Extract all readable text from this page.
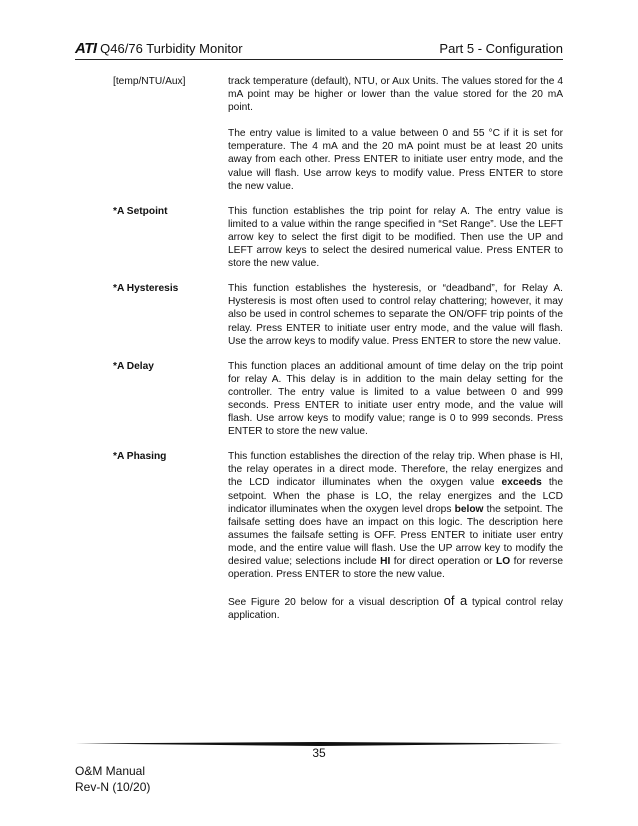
ATI Q46/76 Turbidity Monitor	Part 5 - Configuration
[temp/NTU/Aux]	track temperature (default), NTU, or Aux Units. The values stored for the 4 mA point may be higher or lower than the value stored for the 20 mA point.

The entry value is limited to a value between 0 and 55 °C if it is set for temperature. The 4 mA and the 20 mA point must be at least 20 units away from each other. Press ENTER to initiate user entry mode, and the value will flash. Use arrow keys to modify value. Press ENTER to store the new value.

*A Setpoint	This function establishes the trip point for relay A. The entry value is limited to a value within the range specified in “Set Range”. Use the LEFT arrow key to select the first digit to be modified. Then use the UP and LEFT arrow keys to select the desired numerical value. Press ENTER to store the new value.

*A Hysteresis	This function establishes the hysteresis, or “deadband”, for Relay A. Hysteresis is most often used to control relay chattering; however, it may also be used in control schemes to separate the ON/OFF trip points of the relay. Press ENTER to initiate user entry mode, and the value will flash. Use the arrow keys to modify value. Press ENTER to store the new value.

*A Delay	This function places an additional amount of time delay on the trip point for relay A. This delay is in addition to the main delay setting for the controller. The entry value is limited to a value between 0 and 999 seconds. Press ENTER to initiate user entry mode, and the value will flash. Use arrow keys to modify value; range is 0 to 999 seconds. Press ENTER to store the new value.

*A Phasing	This function establishes the direction of the relay trip. When phase is HI, the relay operates in a direct mode. Therefore, the relay energizes and the LCD indicator illuminates when the oxygen value exceeds the setpoint. When the phase is LO, the relay energizes and the LCD indicator illuminates when the oxygen level drops below the setpoint. The failsafe setting does have an impact on this logic. The description here assumes the failsafe setting is OFF. Press ENTER to initiate user entry mode, and the entire value will flash. Use the UP arrow key to modify the desired value; selections include HI for direct operation or LO for reverse operation. Press ENTER to store the new value.

See Figure 20 below for a visual description of a typical control relay application.

35
O&M Manual
Rev-N (10/20)
